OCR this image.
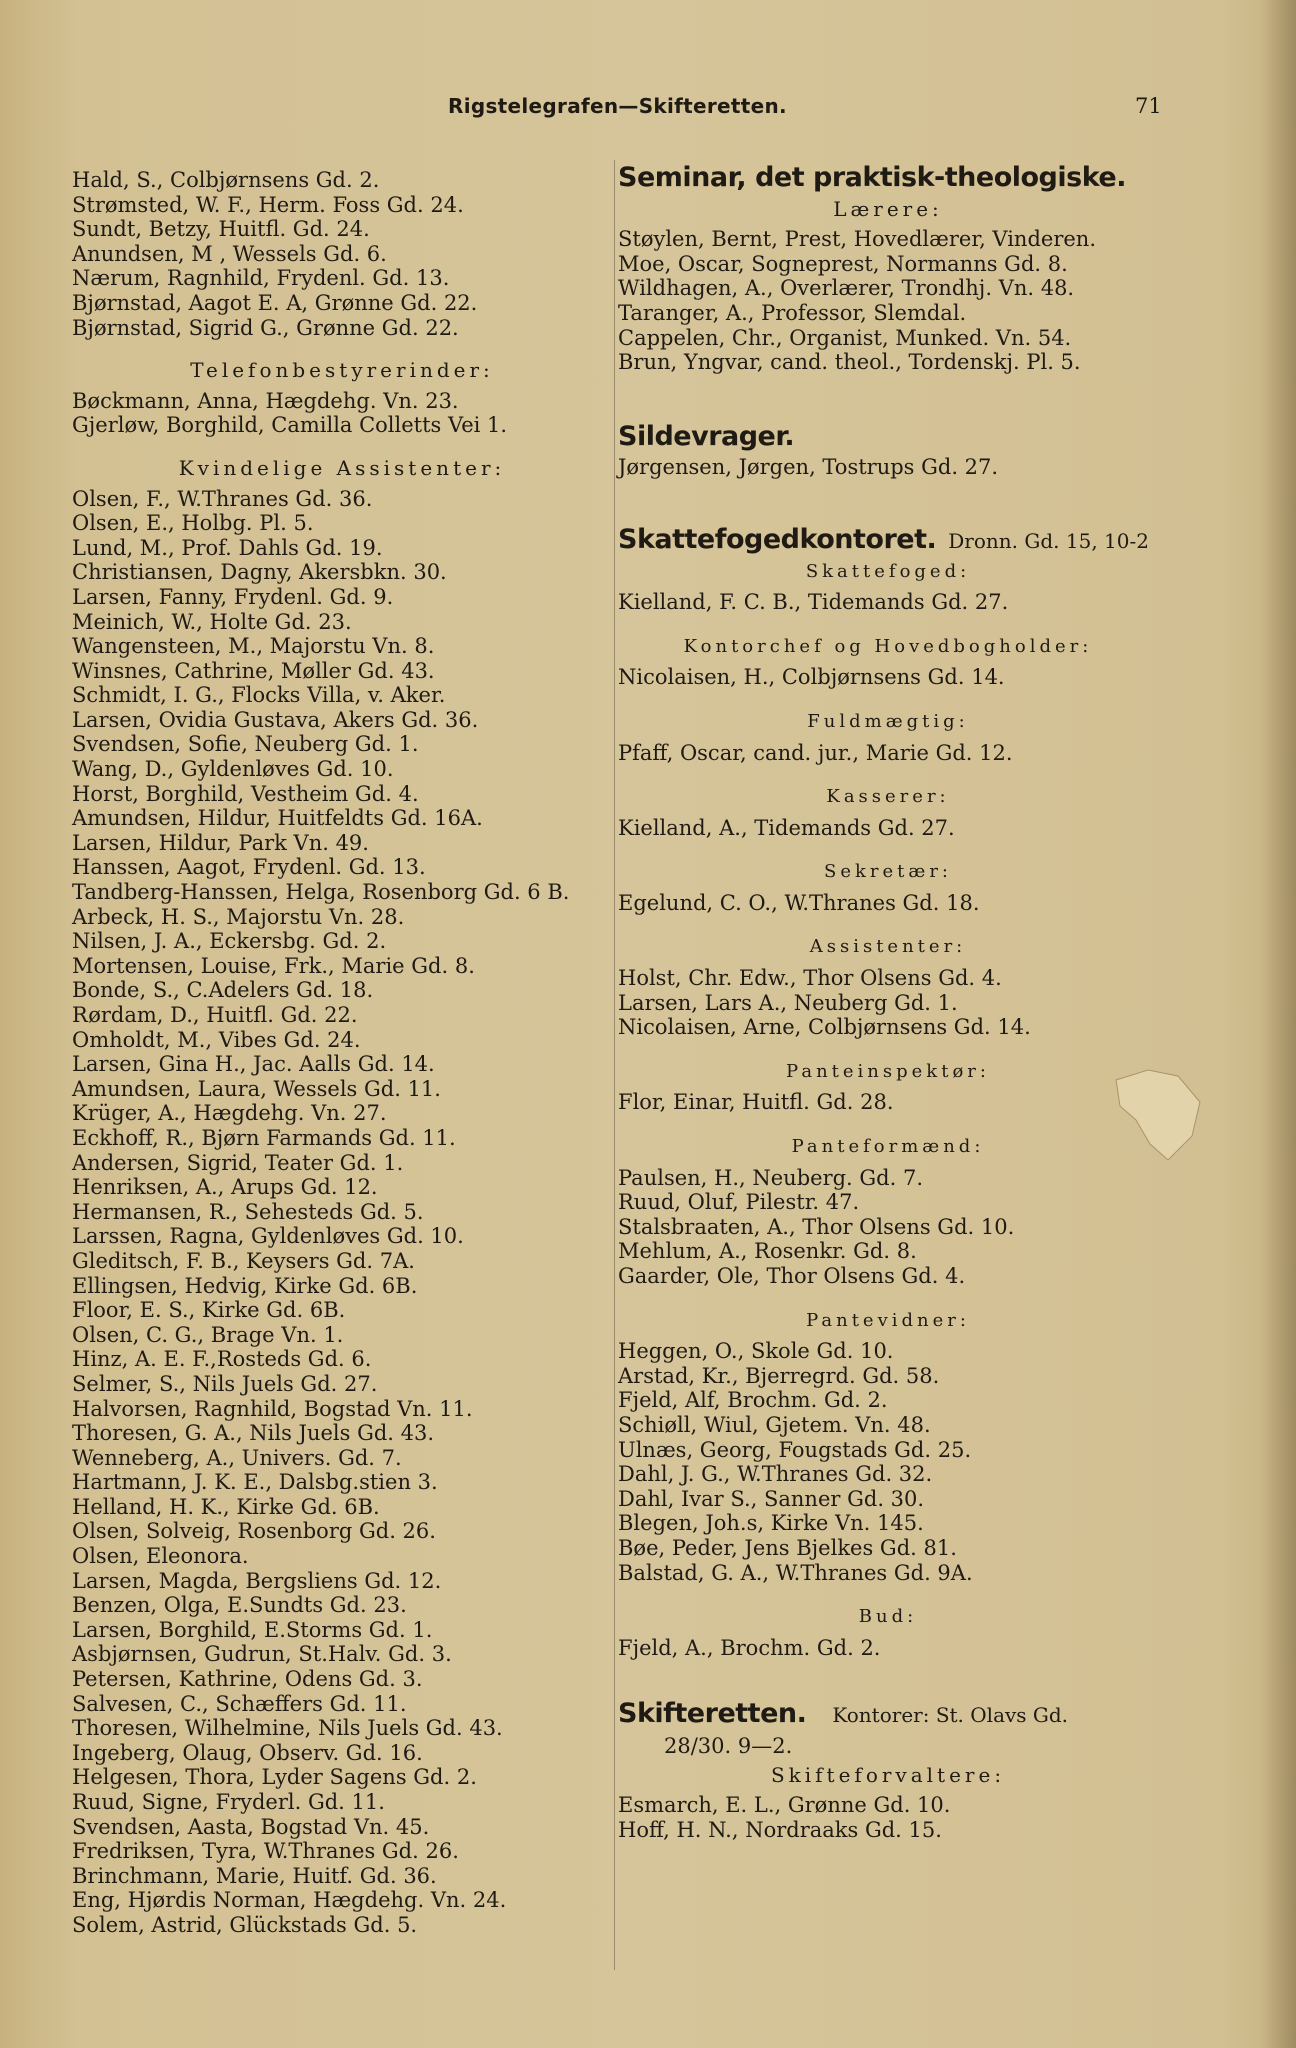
Rigstelegrafen—Skifteretten.	71
Hald, S., Colbjørnsens Gd. 2.
Strømsted, W. F., Herm. Foss Gd. 24.
Sundt, Betzy, Huitfl. Gd. 24.
Anundsen, M , Wessels Gd. 6.
Nærum, Ragnhild, Frydenl. Gd. 13.
Bjørnstad, Aagot E. A, Grønne Gd. 22.
Bjørnstad, Sigrid G., Grønne Gd. 22.
Telefonbestyrerinder:
Bøckmann, Anna, Hægdehg. Vn. 23.
Gjerløw, Borghild, Camilla Colletts Vei 1.
Kvindelige Assistenter:
Olsen, F., W.Thranes Gd. 36.
Olsen, E., Holbg. Pl. 5.
Lund, M., Prof. Dahls Gd. 19.
Christiansen, Dagny, Akersbkn. 30.
Larsen, Fanny, Frydenl. Gd. 9.
Meinich, W., Holte Gd. 23.
Wangensteen, M., Majorstu Vn. 8.
Winsnes, Cathrine, Møller Gd. 43.
Schmidt, I. G., Flocks Villa, v. Aker.
Larsen, Ovidia Gustava, Akers Gd. 36.
Svendsen, Sofie, Neuberg Gd. 1.
Wang, D., Gyldenløves Gd. 10.
Horst, Borghild, Vestheim Gd. 4.
Amundsen, Hildur, Huitfeldts Gd. 16A.
Larsen, Hildur, Park Vn. 49.
Hanssen, Aagot, Frydenl. Gd. 13.
Tandberg-Hanssen, Helga, Rosenborg Gd. 6 B.
Arbeck, H. S., Majorstu Vn. 28.
Nilsen, J. A., Eckersbg. Gd. 2.
Mortensen, Louise, Frk., Marie Gd. 8.
Bonde, S., C.Adelers Gd. 18.
Rørdam, D., Huitfl. Gd. 22.
Omholdt, M., Vibes Gd. 24.
Larsen, Gina H., Jac. Aalls Gd. 14.
Amundsen, Laura, Wessels Gd. 11.
Krüger, A., Hægdehg. Vn. 27.
Eckhoff, R., Bjørn Farmands Gd. 11.
Andersen, Sigrid, Teater Gd. 1.
Henriksen, A., Arups Gd. 12.
Hermansen, R., Sehesteds Gd. 5.
Larssen, Ragna, Gyldenløves Gd. 10.
Gleditsch, F. B., Keysers Gd. 7A.
Ellingsen, Hedvig, Kirke Gd. 6B.
Floor, E. S., Kirke Gd. 6B.
Olsen, C. G., Brage Vn. 1.
Hinz, A. E. F.,Rosteds Gd. 6.
Selmer, S., Nils Juels Gd. 27.
Halvorsen, Ragnhild, Bogstad Vn. 11.
Thoresen, G. A., Nils Juels Gd. 43.
Wenneberg, A., Univers. Gd. 7.
Hartmann, J. K. E., Dalsbg.stien 3.
Helland, H. K., Kirke Gd. 6B.
Olsen, Solveig, Rosenborg Gd. 26.
Olsen, Eleonora.
Larsen, Magda, Bergsliens Gd. 12.
Benzen, Olga, E.Sundts Gd. 23.
Larsen, Borghild, E.Storms Gd. 1.
Asbjørnsen, Gudrun, St.Halv. Gd. 3.
Petersen, Kathrine, Odens Gd. 3.
Salvesen, C., Schæffers Gd. 11.
Thoresen, Wilhelmine, Nils Juels Gd. 43.
Ingeberg, Olaug, Observ. Gd. 16.
Helgesen, Thora, Lyder Sagens Gd. 2.
Ruud, Signe, Fryderl. Gd. 11.
Svendsen, Aasta, Bogstad Vn. 45.
Fredriksen, Tyra, W.Thranes Gd. 26.
Brinchmann, Marie, Huitf. Gd. 36.
Eng, Hjørdis Norman, Hægdehg. Vn. 24.
Solem, Astrid, Glückstads Gd. 5.
Seminar, det praktisk-theologiske.
Lærere:
Støylen, Bernt, Prest, Hovedlærer, Vinderen.
Moe, Oscar, Sogneprest, Normanns Gd. 8.
Wildhagen, A., Overlærer, Trondhj. Vn. 48.
Taranger, A., Professor, Slemdal.
Cappelen, Chr., Organist, Munked. Vn. 54.
Brun, Yngvar, cand. theol., Tordenskj. Pl. 5.
Sildevrager.
Jørgensen, Jørgen, Tostrups Gd. 27.
Skattefogedkontoret. Dronn. Gd. 15, 10-2
Skattefoged:
Kielland, F. C. B., Tidemands Gd. 27.
Kontorchef og Hovedbogholder:
Nicolaisen, H., Colbjørnsens Gd. 14.
Fuldmægtig:
Pfaff, Oscar, cand. jur., Marie Gd. 12.
Kasserer:
Kielland, A., Tidemands Gd. 27.
Sekretær:
Egelund, C. O., W.Thranes Gd. 18.
Assistenter:
Holst, Chr. Edw., Thor Olsens Gd. 4.
Larsen, Lars A., Neuberg Gd. 1.
Nicolaisen, Arne, Colbjørnsens Gd. 14.
Panteinspektør:
Flor, Einar, Huitfl. Gd. 28.
Panteformænd:
Paulsen, H., Neuberg. Gd. 7.
Ruud, Oluf, Pilestr. 47.
Stalsbraaten, A., Thor Olsens Gd. 10.
Mehlum, A., Rosenkr. Gd. 8.
Gaarder, Ole, Thor Olsens Gd. 4.
Pantevidner:
Heggen, O., Skole Gd. 10.
Arstad, Kr., Bjerregrd. Gd. 58.
Fjeld, Alf, Brochm. Gd. 2.
Schiøll, Wiul, Gjetem. Vn. 48.
Ulnæs, Georg, Fougstads Gd. 25.
Dahl, J. G., W.Thranes Gd. 32.
Dahl, Ivar S., Sanner Gd. 30.
Blegen, Joh.s, Kirke Vn. 145.
Bøe, Peder, Jens Bjelkes Gd. 81.
Balstad, G. A., W.Thranes Gd. 9A.
Bud:
Fjeld, A., Brochm. Gd. 2.
Skifteretten. Kontorer: St. Olavs Gd.
28/30. 9—2.
Skifteforvaltere:
Esmarch, E. L., Grønne Gd. 10.
Hoff, H. N., Nordraaks Gd. 15.
